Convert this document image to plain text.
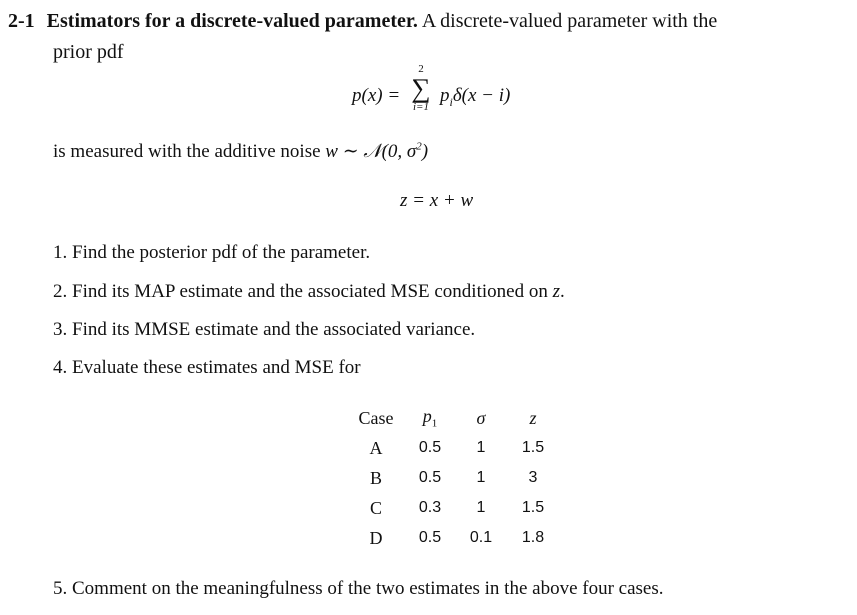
2-1 Estimators for a discrete-valued parameter. A discrete-valued parameter with the
prior pdf
p(x) =
2
∑
i=1
$p_i\delta(x - i)$
is measured with the additive noise w ∼ 𝒩(0, $\sigma^2$)
z = x + w
1. Find the posterior pdf of the parameter.
2. Find its MAP estimate and the associated MSE conditioned on z.
3. Find its MMSE estimate and the associated variance.
4. Evaluate these estimates and MSE for
Case	$p_1$	σ	z
A	0.5	1	1.5
B	0.5	1	3
C	0.3	1	1.5
D	0.5	0.1	1.8
5. Comment on the meaningfulness of the two estimates in the above four cases.
